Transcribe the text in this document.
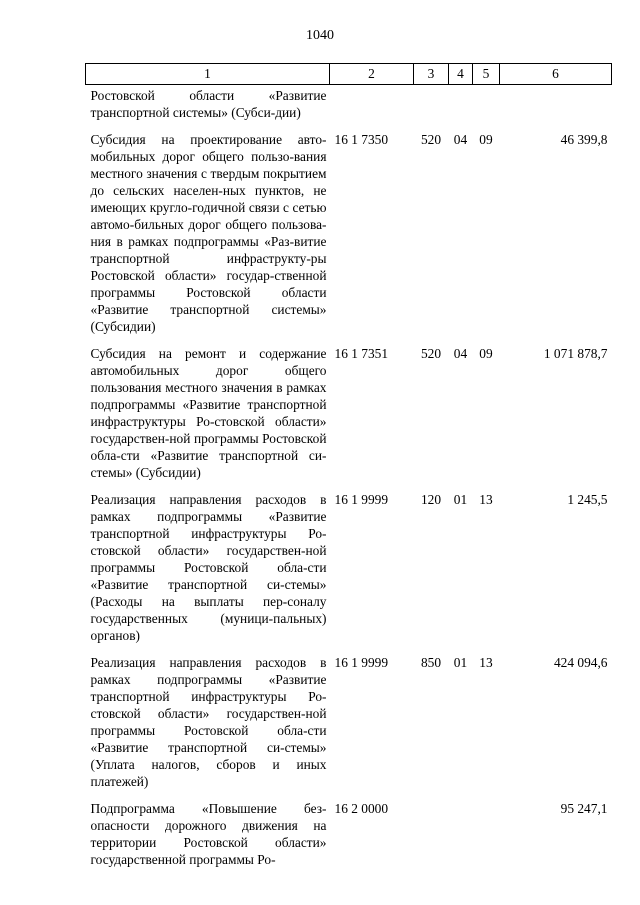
1040
1	2	3	4	5	6
Ростовской области «Развитие транспортной системы» (Субси-дии)					
Субсидия на проектирование авто-мобильных дорог общего пользо-вания местного значения с твердым покрытием до сельских населен-ных пунктов, не имеющих кругло-годичной связи с сетью автомо-бильных дорог общего пользова-ния в рамках подпрограммы «Раз-витие транспортной инфраструкту-ры Ростовской области» государ-ственной программы Ростовской области «Развитие транспортной системы» (Субсидии)	16 1 7350	520	04	09	46 399,8
Субсидия на ремонт и содержание автомобильных дорог общего пользования местного значения в рамках подпрограммы «Развитие транспортной инфраструктуры Ро-стовской области» государствен-ной программы Ростовской обла-сти «Развитие транспортной си-стемы» (Субсидии)	16 1 7351	520	04	09	1 071 878,7
Реализация направления расходов в рамках подпрограммы «Развитие транспортной инфраструктуры Ро-стовской области» государствен-ной программы Ростовской обла-сти «Развитие транспортной си-стемы» (Расходы на выплаты пер-соналу государственных (муници-пальных) органов)	16 1 9999	120	01	13	1 245,5
Реализация направления расходов в рамках подпрограммы «Развитие транспортной инфраструктуры Ро-стовской области» государствен-ной программы Ростовской обла-сти «Развитие транспортной си-стемы» (Уплата налогов, сборов и иных платежей)	16 1 9999	850	01	13	424 094,6
Подпрограмма «Повышение без-опасности дорожного движения на территории Ростовской области» государственной программы Ро-	16 2 0000				95 247,1
